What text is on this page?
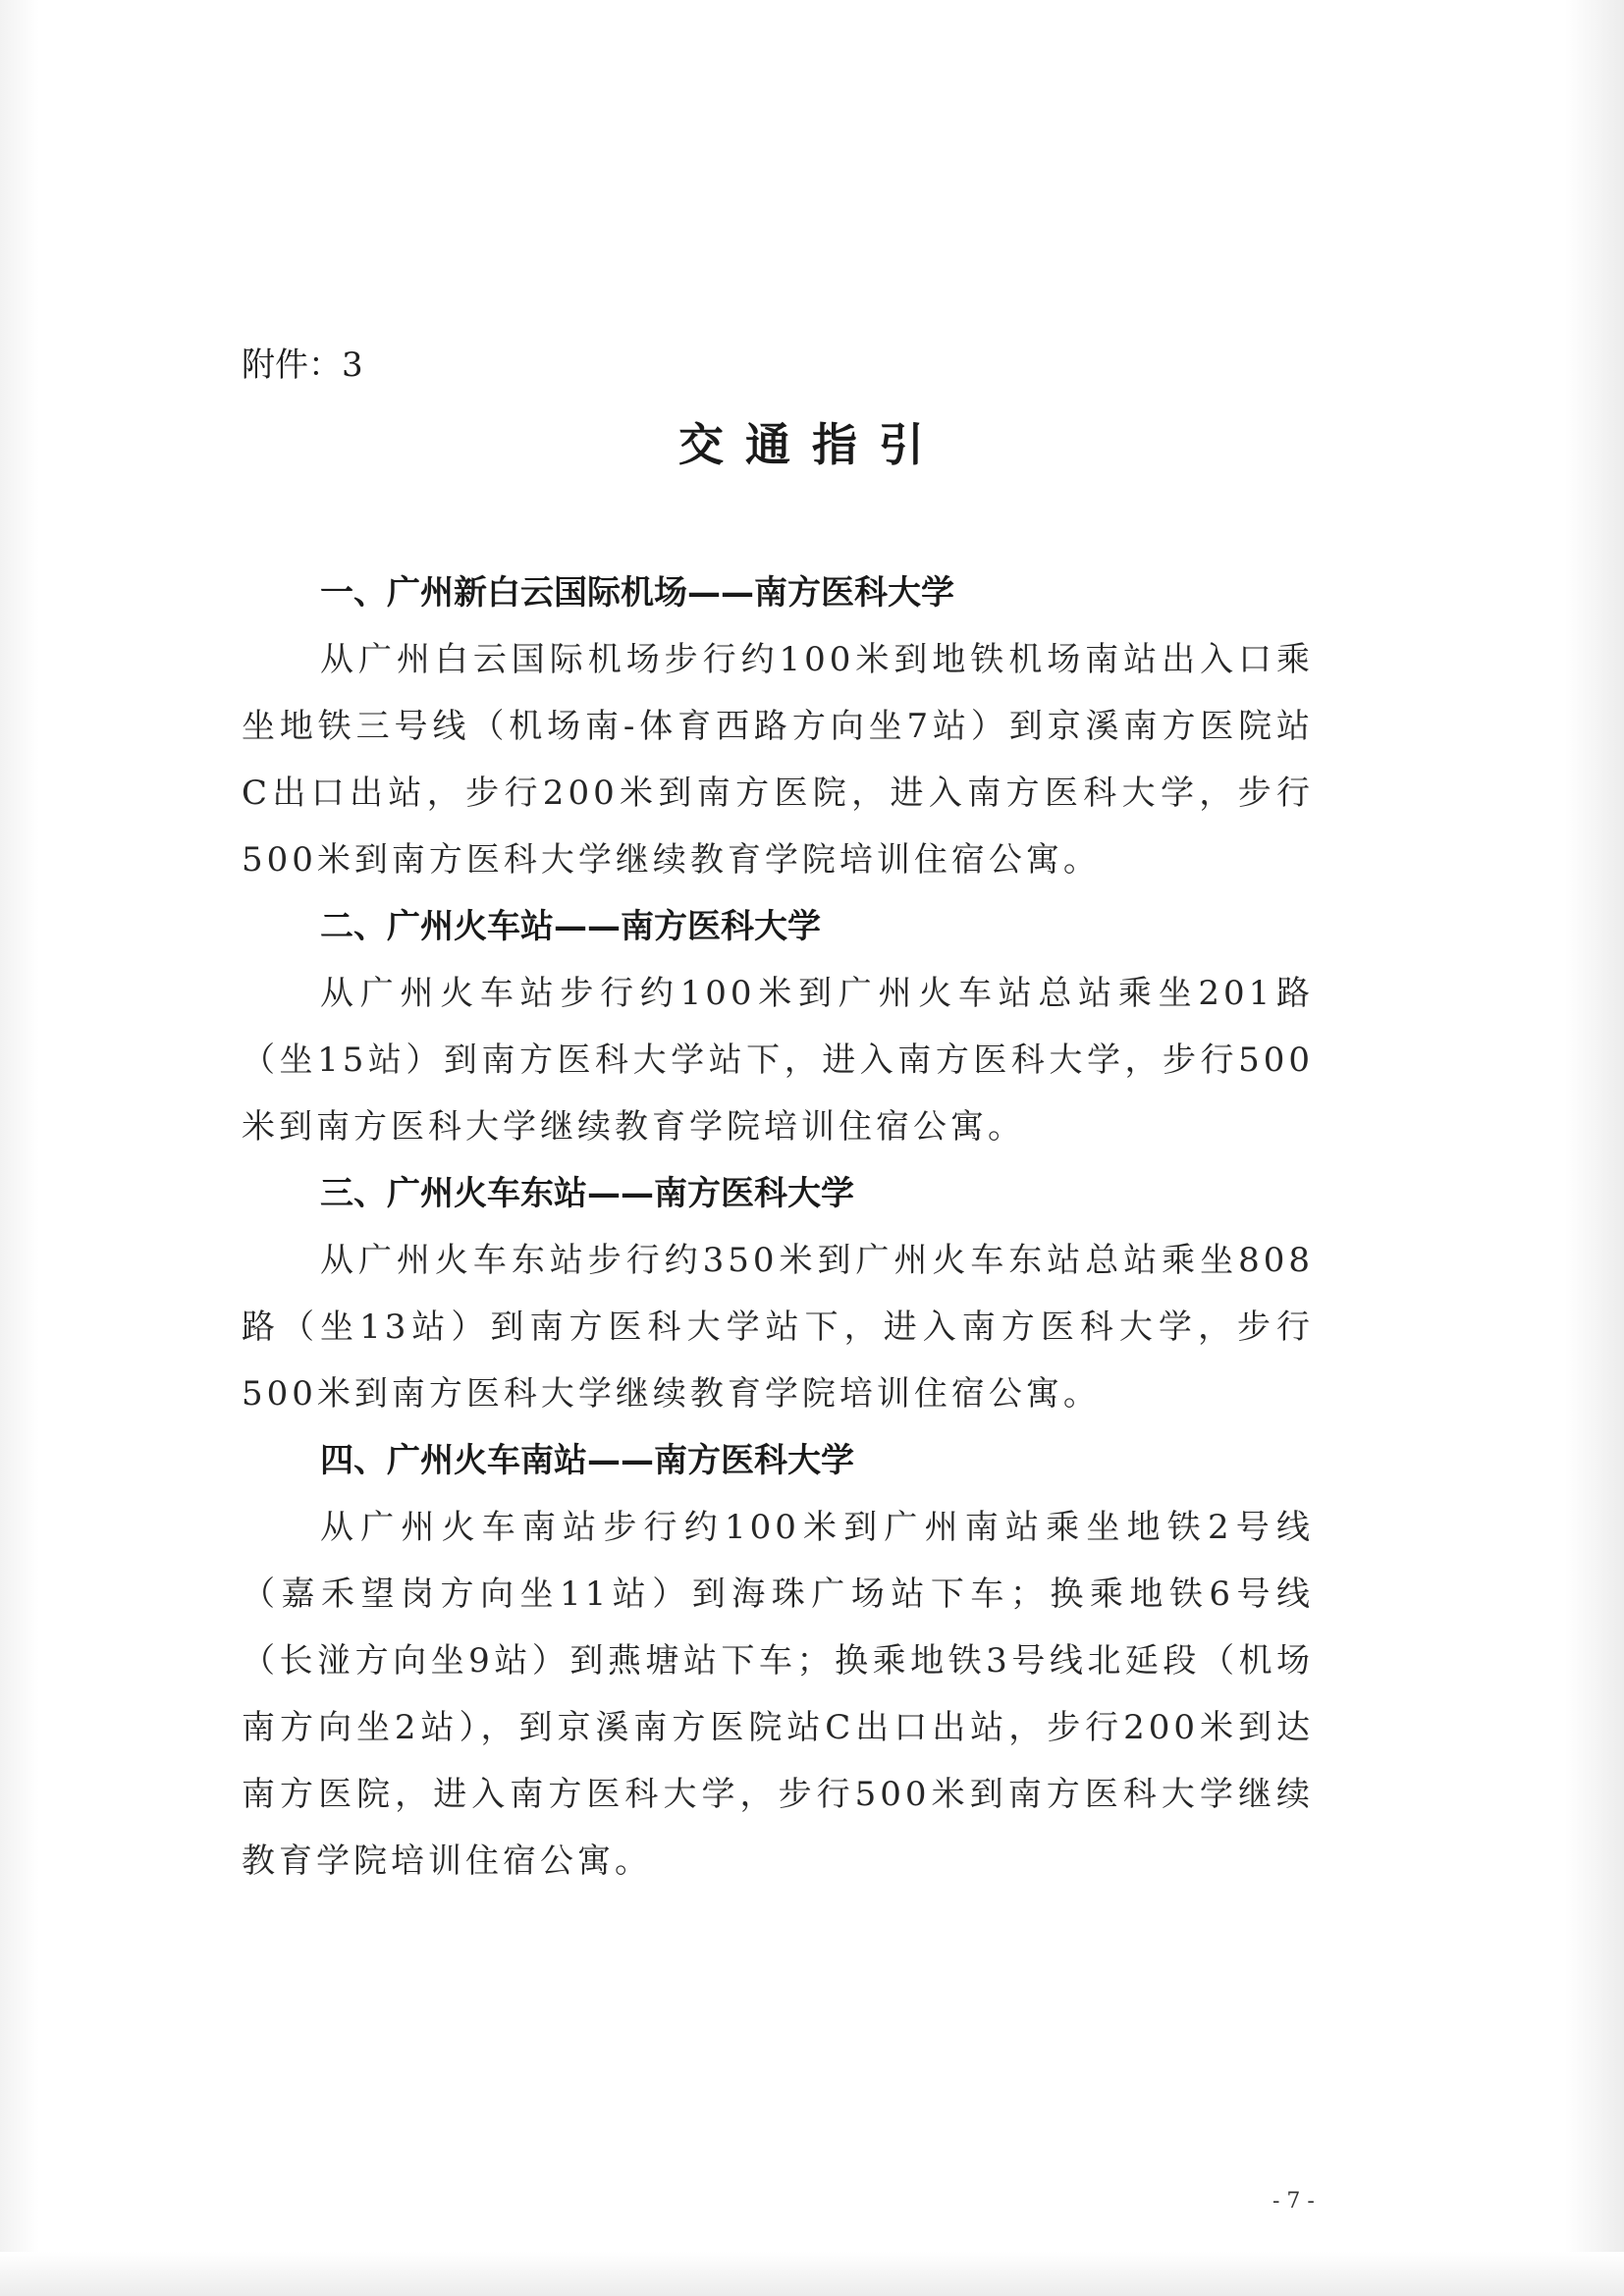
附件：3
交通指引
一、广州新白云国际机场——南方医科大学

从广州白云国际机场步行约100米到地铁机场南站出入口乘坐地铁三号线（机场南-体育西路方向坐7站）到京溪南方医院站C出口出站，步行200米到南方医院，进入南方医科大学，步行500米到南方医科大学继续教育学院培训住宿公寓。

二、广州火车站——南方医科大学

从广州火车站步行约100米到广州火车站总站乘坐201路（坐15站）到南方医科大学站下，进入南方医科大学，步行500米到南方医科大学继续教育学院培训住宿公寓。

三、广州火车东站——南方医科大学

从广州火车东站步行约350米到广州火车东站总站乘坐808路（坐13站）到南方医科大学站下，进入南方医科大学，步行500米到南方医科大学继续教育学院培训住宿公寓。

四、广州火车南站——南方医科大学

从广州火车南站步行约100米到广州南站乘坐地铁2号线（嘉禾望岗方向坐11站）到海珠广场站下车；换乘地铁6号线（长湴方向坐9站）到燕塘站下车；换乘地铁3号线北延段（机场南方向坐2站），到京溪南方医院站C出口出站，步行200米到达南方医院，进入南方医科大学，步行500米到南方医科大学继续教育学院培训住宿公寓。

- 7 -
